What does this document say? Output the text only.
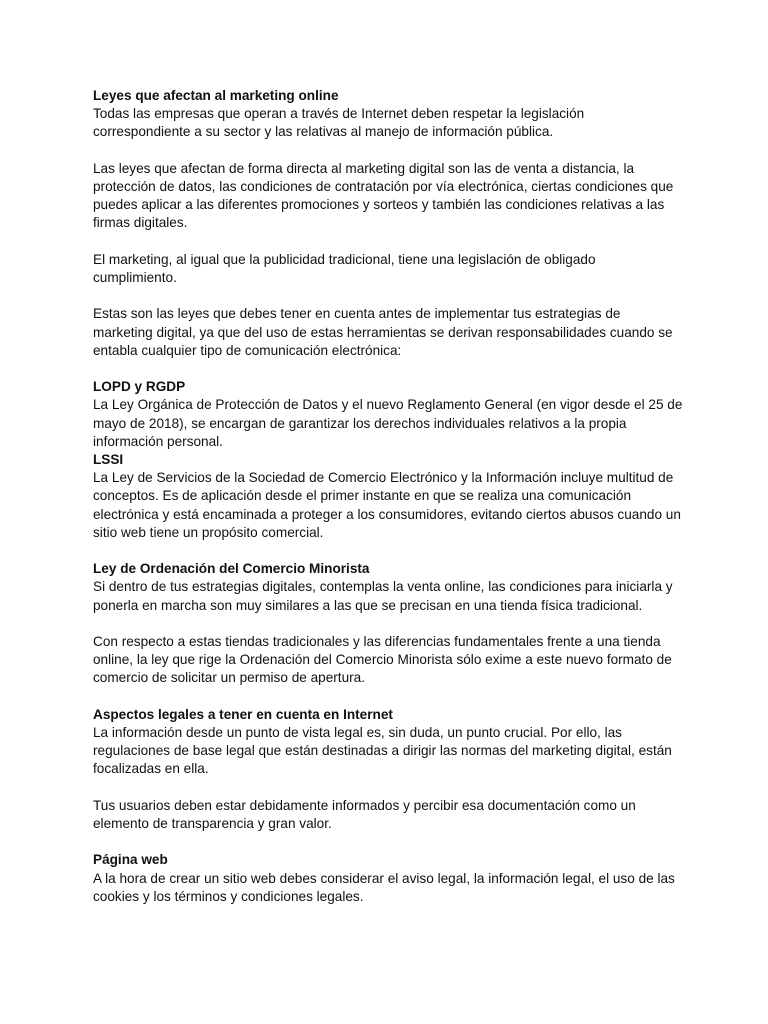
Leyes que afectan al marketing online

Todas las empresas que operan a través de Internet deben respetar la legislación correspondiente a su sector y las relativas al manejo de información pública.

Las leyes que afectan de forma directa al marketing digital son las de venta a distancia, la protección de datos, las condiciones de contratación por vía electrónica, ciertas condiciones que puedes aplicar a las diferentes promociones y sorteos y también las condiciones relativas a las firmas digitales.

El marketing, al igual que la publicidad tradicional, tiene una legislación de obligado cumplimiento.

Estas son las leyes que debes tener en cuenta antes de implementar tus estrategias de marketing digital, ya que del uso de estas herramientas se derivan responsabilidades cuando se entabla cualquier tipo de comunicación electrónica:

LOPD y RGDP

La Ley Orgánica de Protección de Datos y el nuevo Reglamento General (en vigor desde el 25 de mayo de 2018), se encargan de garantizar los derechos individuales relativos a la propia información personal.

LSSI

La Ley de Servicios de la Sociedad de Comercio Electrónico y la Información incluye multitud de conceptos. Es de aplicación desde el primer instante en que se realiza una comunicación electrónica y está encaminada a proteger a los consumidores, evitando ciertos abusos cuando un sitio web tiene un propósito comercial.

Ley de Ordenación del Comercio Minorista

Si dentro de tus estrategias digitales, contemplas la venta online, las condiciones para iniciarla y ponerla en marcha son muy similares a las que se precisan en una tienda física tradicional.

Con respecto a estas tiendas tradicionales y las diferencias fundamentales frente a una tienda online, la ley que rige la Ordenación del Comercio Minorista sólo exime a este nuevo formato de comercio de solicitar un permiso de apertura.

Aspectos legales a tener en cuenta en Internet

La información desde un punto de vista legal es, sin duda, un punto crucial. Por ello, las regulaciones de base legal que están destinadas a dirigir las normas del marketing digital, están focalizadas en ella.

Tus usuarios deben estar debidamente informados y percibir esa documentación como un elemento de transparencia y gran valor.

Página web

A la hora de crear un sitio web debes considerar el aviso legal, la información legal, el uso de las cookies y los términos y condiciones legales.
